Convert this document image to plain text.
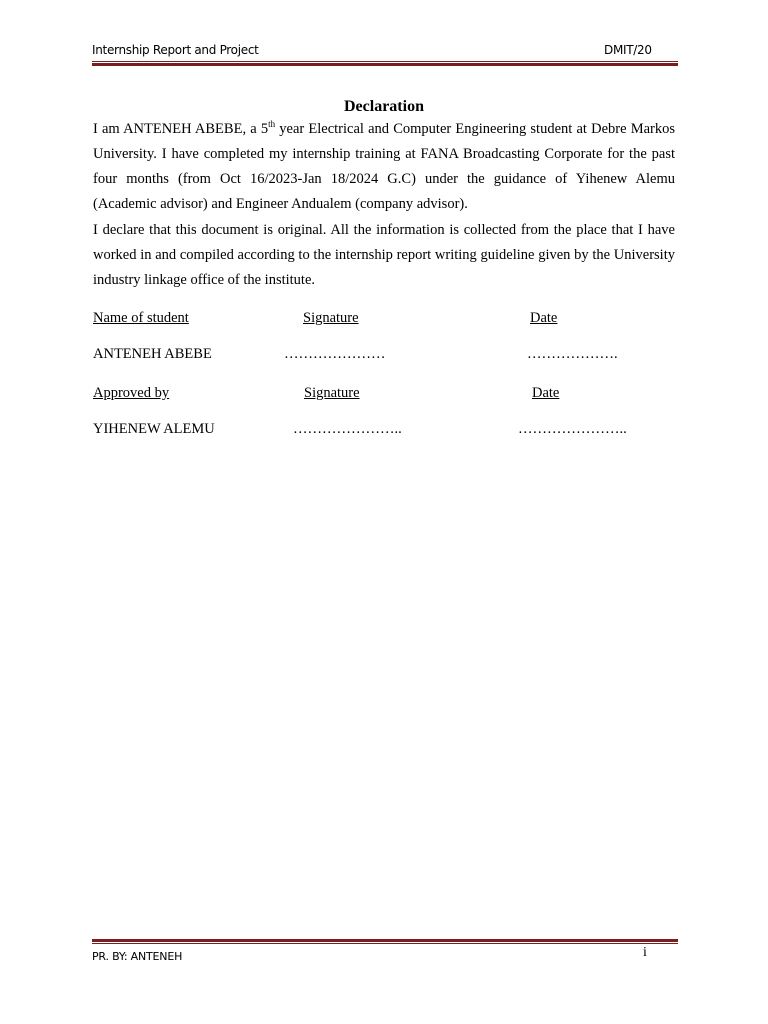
Internship Report and Project	DMIT/20
Declaration
I am ANTENEH ABEBE, a 5th year Electrical and Computer Engineering student at Debre Markos University. I have completed my internship training at FANA Broadcasting Corporate for the past four months (from Oct 16/2023-Jan 18/2024 G.C) under the guidance of Yihenew Alemu (Academic advisor) and Engineer Andualem (company advisor).
I declare that this document is original. All the information is collected from the place that I have worked in and compiled according to the internship report writing guideline given by the University industry linkage office of the institute.
Name of student	Signature	Date
ANTENEH ABEBE	…………………	……………….
Approved by	Signature	Date
YIHENEW ALEMU	…………………..	…………………..
PR. BY: ANTENEH	i
